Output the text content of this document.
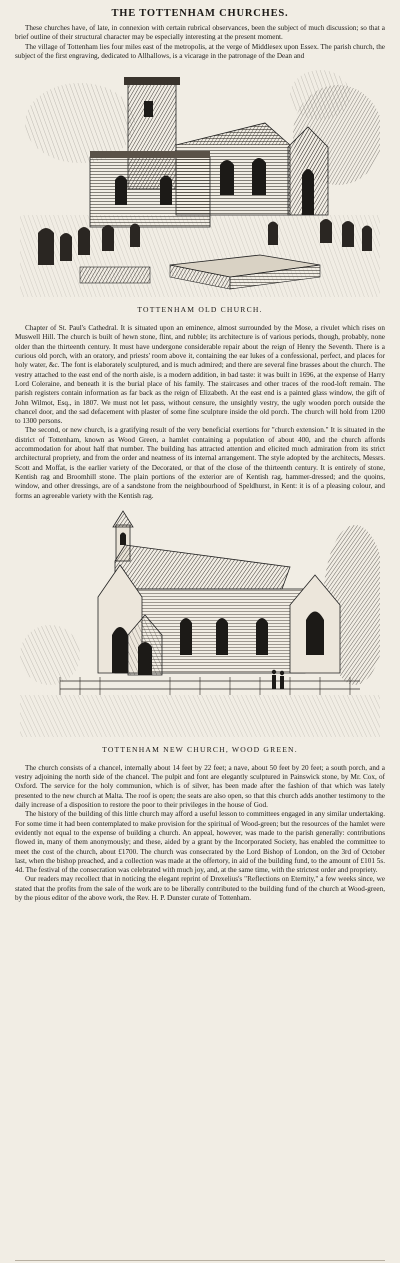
THE TOTTENHAM CHURCHES.

These churches have, of late, in connexion with certain rubrical observances, been the subject of much discussion; so that a brief outline of their structural character may be especially interesting at the present moment.

The village of Tottenham lies four miles east of the metropolis, at the verge of Middlesex upon Essex. The parish church, the subject of the first engraving, dedicated to Allhallows, is a vicarage in the patronage of the Dean and

TOTTENHAM OLD CHURCH.

Chapter of St. Paul's Cathedral. It is situated upon an eminence, almost surrounded by the Mose, a rivulet which rises on Muswell Hill. The church is built of hewn stone, flint, and rubble; its architecture is of various periods, though, probably, none older than the thirteenth century. It must have undergone considerable repair about the reign of Henry the Seventh. There is a curious old porch, with an oratory, and priests' room above it, containing the ear lukes of a confessional, perfect, and places for holy water, &c. The font is elaborately sculptured, and is much admired; and there are several fine brasses about the church. The vestry attached to the east end of the north aisle, is a modern addition, in bad taste: it was built in 1696, at the expense of Harry Lord Coleraine, and beneath it is the burial place of his family. The staircases and other traces of the rood-loft remain. The parish registers contain information as far back as the reign of Elizabeth. At the east end is a painted glass window, the gift of John Wilmot, Esq., in 1807. We must not let pass, without censure, the unsightly vestry, the ugly wooden porch outside the chancel door, and the sad defacement with plaster of some fine sculpture inside the old porch. The church will hold from 1200 to 1300 persons.

The second, or new church, is a gratifying result of the very beneficial exertions for "church extension." It is situated in the district of Tottenham, known as Wood Green, a hamlet containing a population of about 400, and the church affords accommodation for about half that number. The building has attracted attention and elicited much admiration from its strict architectural propriety, and from the order and neatness of its internal arrangement. The style adopted by the architects, Messrs. Scott and Moffat, is the earlier variety of the Decorated, or that of the close of the thirteenth century. It is entirely of stone, Kentish rag and Broomhill stone. The plain portions of the exterior are of Kentish rag, hammer-dressed; and the quoins, window, and other dressings, are of a sandstone from the neighbourhood of Speldhurst, in Kent: it is of a pleasing colour, and forms an agreeable variety with the Kentish rag.

TOTTENHAM NEW CHURCH, WOOD GREEN.

The church consists of a chancel, internally about 14 feet by 22 feet; a nave, about 50 feet by 20 feet; a south porch, and a vestry adjoining the north side of the chancel. The pulpit and font are elegantly sculptured in Painswick stone, by Mr. Cox, of Oxford. The service for the holy communion, which is of silver, has been made after the fashion of that which was lately presented to the new church at Malta. The roof is open; the seats are also open, so that this church adds another testimony to the daily increase of a disposition to restore the poor to their privileges in the house of God.

The history of the building of this little church may afford a useful lesson to committees engaged in any similar undertaking. For some time it had been contemplated to make provision for the spiritual of Wood-green; but the resources of the hamlet were evidently not equal to the expense of building a church. An appeal, however, was made to the parish generally: contributions flowed in, many of them anonymously; and these, aided by a grant by the Incorporated Society, has enabled the committee to meet the cost of the church, about £1700. The church was consecrated by the Lord Bishop of London, on the 3rd of October last, when the bishop preached, and a collection was made at the offertory, in aid of the building fund, to the amount of £101 5s. 4d. The festival of the consecration was celebrated with much joy, and, at the same time, with the strictest order and propriety.

Our readers may recollect that in noticing the elegant reprint of Drexelius's "Reflections on Eternity," a few weeks since, we stated that the profits from the sale of the work are to be liberally contributed to the building fund of the church at Wood-green, by the pious editor of the above work, the Rev. H. P. Dunster curate of Tottenham.
